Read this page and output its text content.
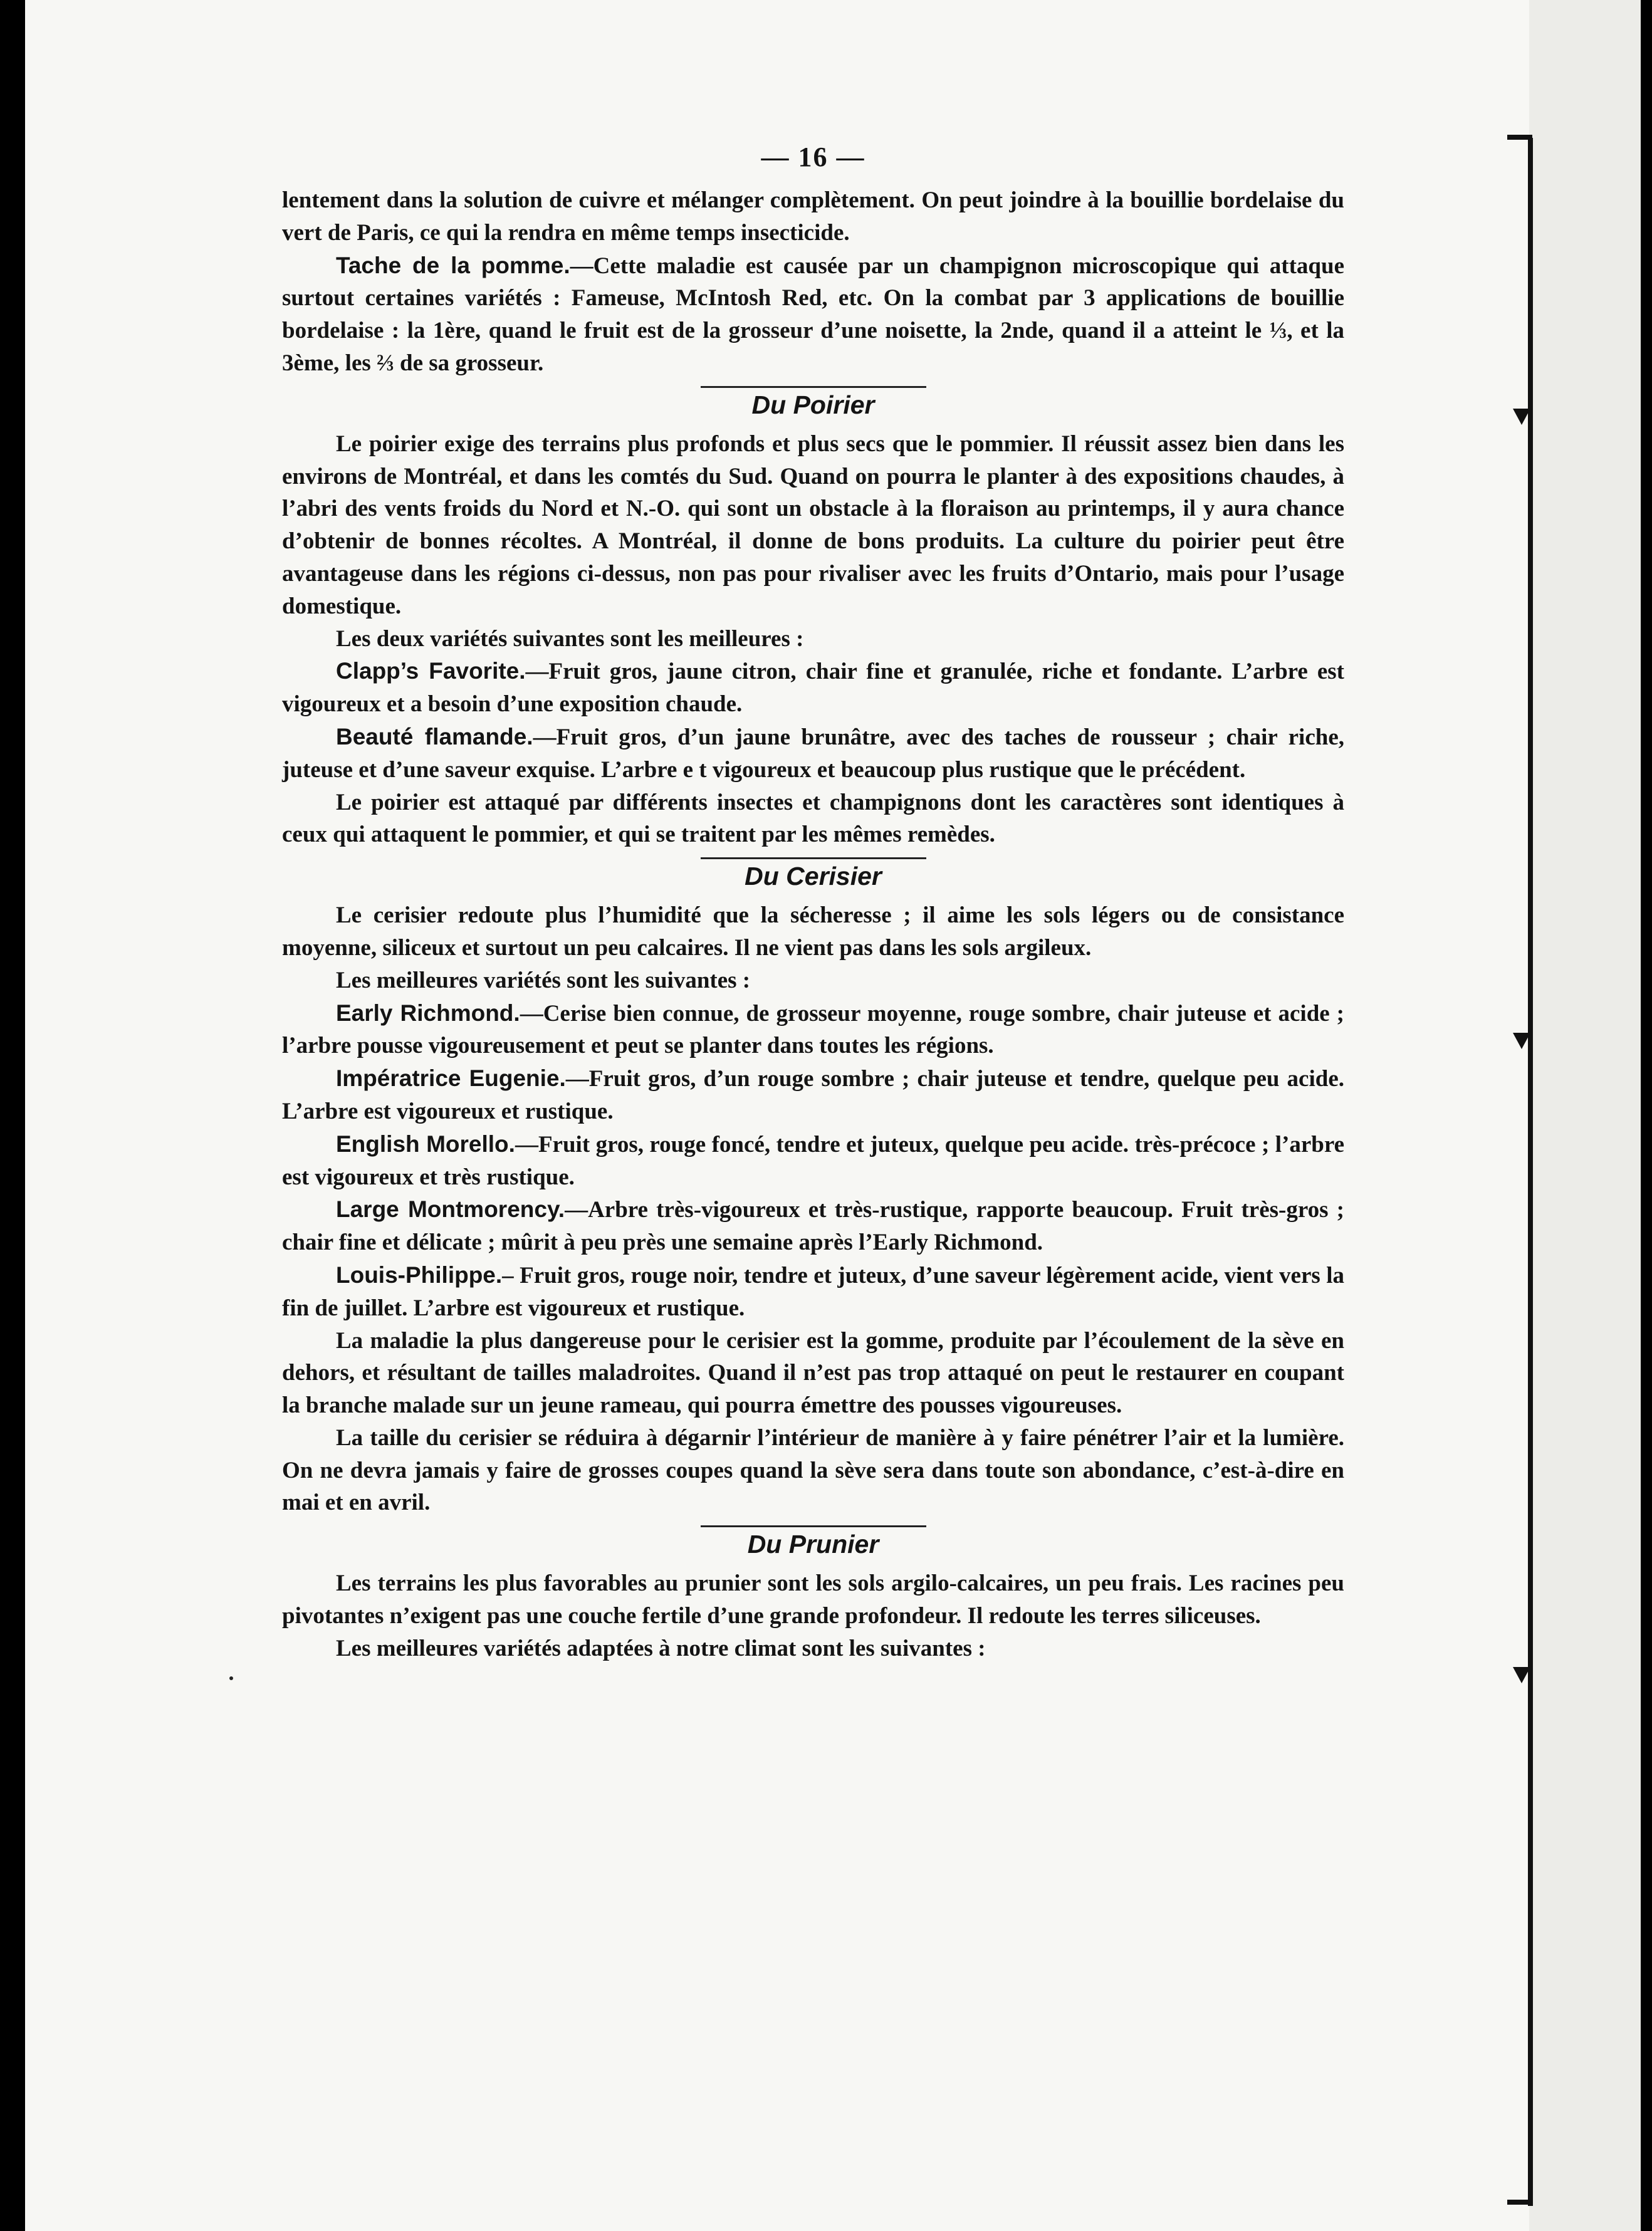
— 16 —

lentement dans la solution de cuivre et mélanger complètement. On peut joindre à la bouillie bordelaise du vert de Paris, ce qui la rendra en même temps insecticide.

Tache de la pomme.—Cette maladie est causée par un champignon microscopique qui attaque surtout certaines variétés : Fameuse, McIntosh Red, etc. On la combat par 3 applications de bouillie bordelaise : la 1ère, quand le fruit est de la grosseur d’une noisette, la 2nde, quand il a atteint le ⅓, et la 3ème, les ⅔ de sa grosseur.

Du Poirier

Le poirier exige des terrains plus profonds et plus secs que le pommier. Il réussit assez bien dans les environs de Montréal, et dans les comtés du Sud. Quand on pourra le planter à des expositions chaudes, à l’abri des vents froids du Nord et N.-O. qui sont un obstacle à la floraison au printemps, il y aura chance d’obtenir de bonnes récoltes. A Montréal, il donne de bons produits. La culture du poirier peut être avantageuse dans les régions ci-dessus, non pas pour rivaliser avec les fruits d’Ontario, mais pour l’usage domestique.

Les deux variétés suivantes sont les meilleures :

Clapp’s Favorite.—Fruit gros, jaune citron, chair fine et granulée, riche et fondante. L’arbre est vigoureux et a besoin d’une exposition chaude.

Beauté flamande.—Fruit gros, d’un jaune brunâtre, avec des taches de rousseur ; chair riche, juteuse et d’une saveur exquise. L’arbre e t vigoureux et beaucoup plus rustique que le précédent.

Le poirier est attaqué par différents insectes et champignons dont les caractères sont identiques à ceux qui attaquent le pommier, et qui se traitent par les mêmes remèdes.

Du Cerisier

Le cerisier redoute plus l’humidité que la sécheresse ; il aime les sols légers ou de consistance moyenne, siliceux et surtout un peu calcaires. Il ne vient pas dans les sols argileux.

Les meilleures variétés sont les suivantes :

Early Richmond.—Cerise bien connue, de grosseur moyenne, rouge sombre, chair juteuse et acide ; l’arbre pousse vigoureusement et peut se planter dans toutes les régions.

Impératrice Eugenie.—Fruit gros, d’un rouge sombre ; chair juteuse et tendre, quelque peu acide. L’arbre est vigoureux et rustique.

English Morello.—Fruit gros, rouge foncé, tendre et juteux, quelque peu acide. très-précoce ; l’arbre est vigoureux et très rustique.

Large Montmorency.—Arbre très-vigoureux et très-rustique, rapporte beaucoup. Fruit très-gros ; chair fine et délicate ; mûrit à peu près une semaine après l’Early Richmond.

Louis-Philippe.– Fruit gros, rouge noir, tendre et juteux, d’une saveur légèrement acide, vient vers la fin de juillet. L’arbre est vigoureux et rustique.

La maladie la plus dangereuse pour le cerisier est la gomme, produite par l’écoulement de la sève en dehors, et résultant de tailles maladroites. Quand il n’est pas trop attaqué on peut le restaurer en coupant la branche malade sur un jeune rameau, qui pourra émettre des pousses vigoureuses.

La taille du cerisier se réduira à dégarnir l’intérieur de manière à y faire pénétrer l’air et la lumière. On ne devra jamais y faire de grosses coupes quand la sève sera dans toute son abondance, c’est-à-dire en mai et en avril.

Du Prunier

Les terrains les plus favorables au prunier sont les sols argilo-calcaires, un peu frais. Les racines peu pivotantes n’exigent pas une couche fertile d’une grande profondeur. Il redoute les terres siliceuses.

Les meilleures variétés adaptées à notre climat sont les suivantes :
